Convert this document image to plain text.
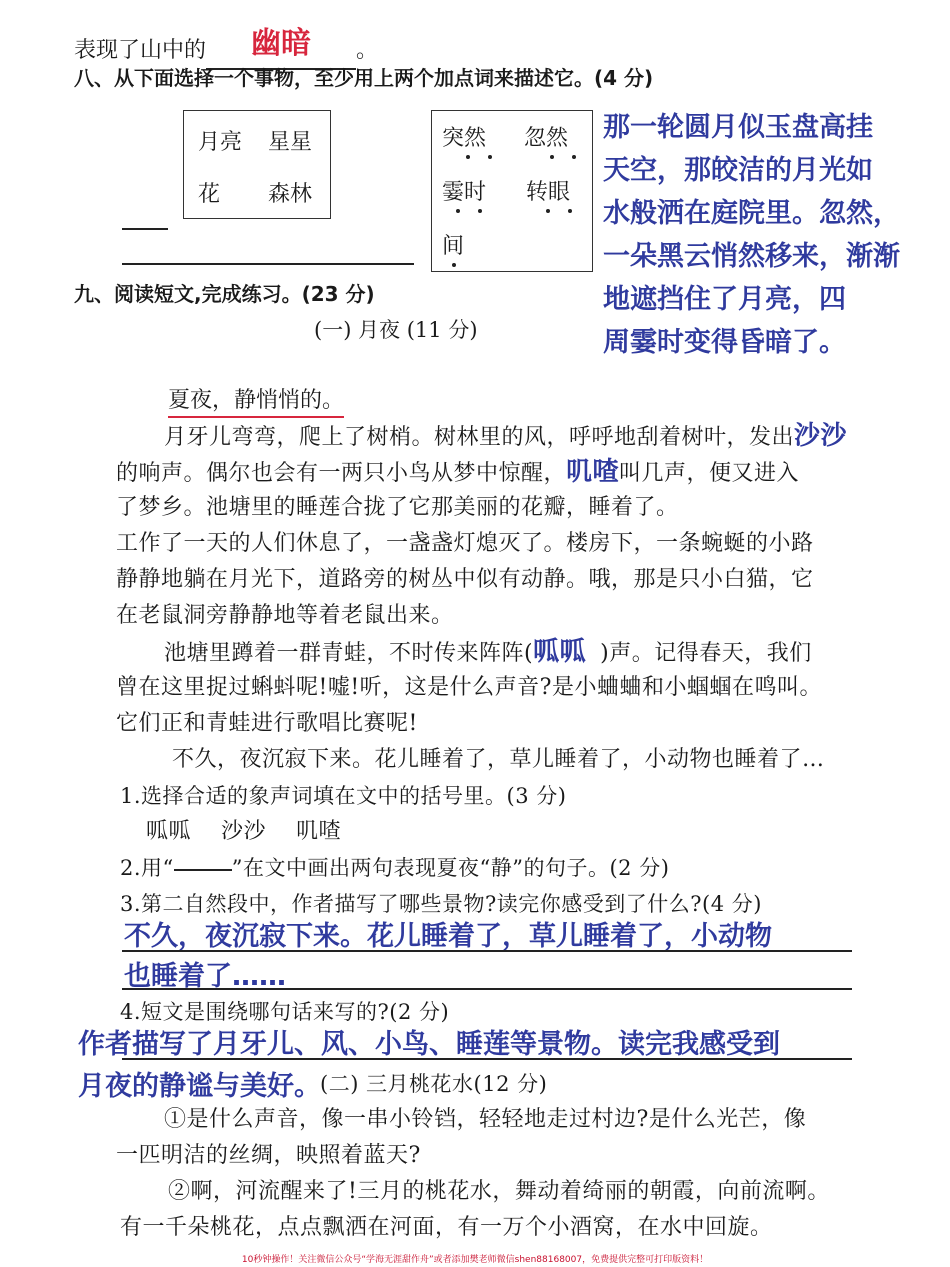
表现了山中的 幽暗 。
八、从下面选择一个事物，至少用上两个加点词来描述它。(4 分)
月亮 星星
花 森林
突然 忽然
霎时 转眼
间
那一轮圆月似玉盘高挂
天空，那皎洁的月光如
水般洒在庭院里。忽然，
一朵黑云悄然移来，渐渐
地遮挡住了月亮，四
周霎时变得昏暗了。
九、阅读短文,完成练习。(23 分)
(一) 月夜 (11 分)
夏夜，静悄悄的。
月牙儿弯弯，爬上了树梢。树林里的风，呼呼地刮着树叶，发出沙沙
的响声。偶尔也会有一两只小鸟从梦中惊醒，叽喳叫几声，便又进入
了梦乡。池塘里的睡莲合拢了它那美丽的花瓣，睡着了。
工作了一天的人们休息了，一盏盏灯熄灭了。楼房下，一条蜿蜒的小路
静静地躺在月光下，道路旁的树丛中似有动静。哦，那是只小白猫，它
在老鼠洞旁静静地等着老鼠出来。
池塘里蹲着一群青蛙，不时传来阵阵(呱呱 )声。记得春天，我们
曾在这里捉过蝌蚪呢!嘘!听，这是什么声音?是小蛐蛐和小蝈蝈在鸣叫。
它们正和青蛙进行歌唱比赛呢!
不久，夜沉寂下来。花儿睡着了，草儿睡着了，小动物也睡着了…
1.选择合适的象声词填在文中的括号里。(3 分)
呱呱    沙沙    叽喳
2.用“	”在文中画出两句表现夏夜“静”的句子。(2 分)
3.第二自然段中，作者描写了哪些景物?读完你感受到了什么?(4 分)
不久，夜沉寂下来。花儿睡着了，草儿睡着了，小动物
也睡着了……
4.短文是围绕哪句话来写的?(2 分)
作者描写了月牙儿、风、小鸟、睡莲等景物。读完我感受到
月夜的静谧与美好。 (二) 三月桃花水(12 分)
①是什么声音，像一串小铃铛，轻轻地走过村边?是什么光芒，像
一匹明洁的丝绸，映照着蓝天?
②啊，河流醒来了!三月的桃花水，舞动着绮丽的朝霞，向前流啊。
有一千朵桃花，点点飘洒在河面，有一万个小酒窝，在水中回旋。
10秒钟操作！关注微信公众号“学海无涯甜作舟”或者添加樊老师微信shen88168007，免费提供完整可打印版资料！
